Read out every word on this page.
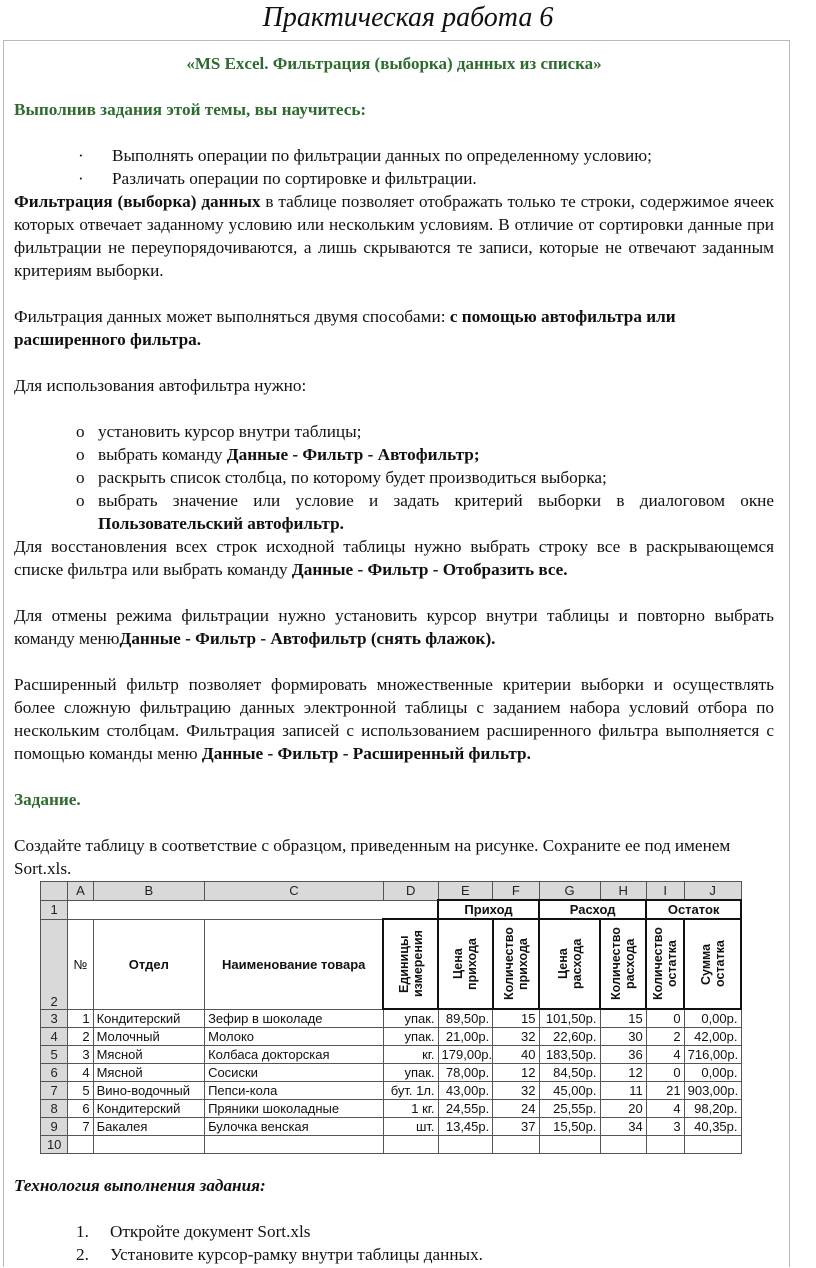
Практическая работа 6

«MS Excel. Фильтрация (выборка) данных из списка»

Выполнив задания этой темы, вы научитесь:

· Выполнять операции по фильтрации данных по определенному условию;
· Различать операции по сортировке и фильтрации.

Фильтрация (выборка) данных в таблице позволяет отображать только те строки, содержимое ячеек которых отвечает заданному условию или нескольким условиям. В отличие от сортировки данные при фильтрации не переупорядочиваются, а лишь скрываются те записи, которые не отвечают заданным критериям выборки.

Фильтрация данных может выполняться двумя способами: с помощью автофильтра или расширенного фильтра.

Для использования автофильтра нужно:

o установить курсор внутри таблицы;
o выбрать команду Данные - Фильтр - Автофильтр;
o раскрыть список столбца, по которому будет производиться выборка;
o выбрать значение или условие и задать критерий выборки в диалоговом окне Пользовательский автофильтр.

Для восстановления всех строк исходной таблицы нужно выбрать строку все в раскрывающемся списке фильтра или выбрать команду Данные - Фильтр - Отобразить все.

Для отмены режима фильтрации нужно установить курсор внутри таблицы и повторно выбрать команду менюДанные - Фильтр - Автофильтр (снять флажок).

Расширенный фильтр позволяет формировать множественные критерии выборки и осуществлять более сложную фильтрацию данных электронной таблицы с заданием набора условий отбора по нескольким столбцам. Фильтрация записей с использованием расширенного фильтра выполняется с помощью команды меню Данные - Фильтр - Расширенный фильтр.

Задание.

Создайте таблицу в соответствие с образцом, приведенным на рисунке. Сохраните ее под именем Sort.xls.

	A	B	C	D	E	F	G	H	I	J
1					Приход		Расход		Остаток	
2	№	Отдел	Наименование товара	Единицы измерения	Цена прихода	Количество прихода	Цена расхода	Количество расхода	Количество остатка	Сумма остатка

3	1	Кондитерский	Зефир в шоколаде	упак.	89,50р.	15	101,50р.	15	0	0,00р.
4	2	Молочный	Молоко	упак.	21,00р.	32	22,60р.	30	2	42,00р.
5	3	Мясной	Колбаса докторская	кг.	179,00р.	40	183,50р.	36	4	716,00р.
6	4	Мясной	Сосиски	упак.	78,00р.	12	84,50р.	12	0	0,00р.
7	5	Вино-водочный	Пепси-кола	бут. 1л.	43,00р.	32	45,00р.	11	21	903,00р.
8	6	Кондитерский	Пряники шоколадные	1 кг.	24,55р.	24	25,55р.	20	4	98,20р.
9	7	Бакалея	Булочка венская	шт.	13,45р.	37	15,50р.	34	3	40,35р.
10										

Технология выполнения задания:

1. Откройте документ Sort.xls
2. Установите курсор-рамку внутри таблицы данных.
